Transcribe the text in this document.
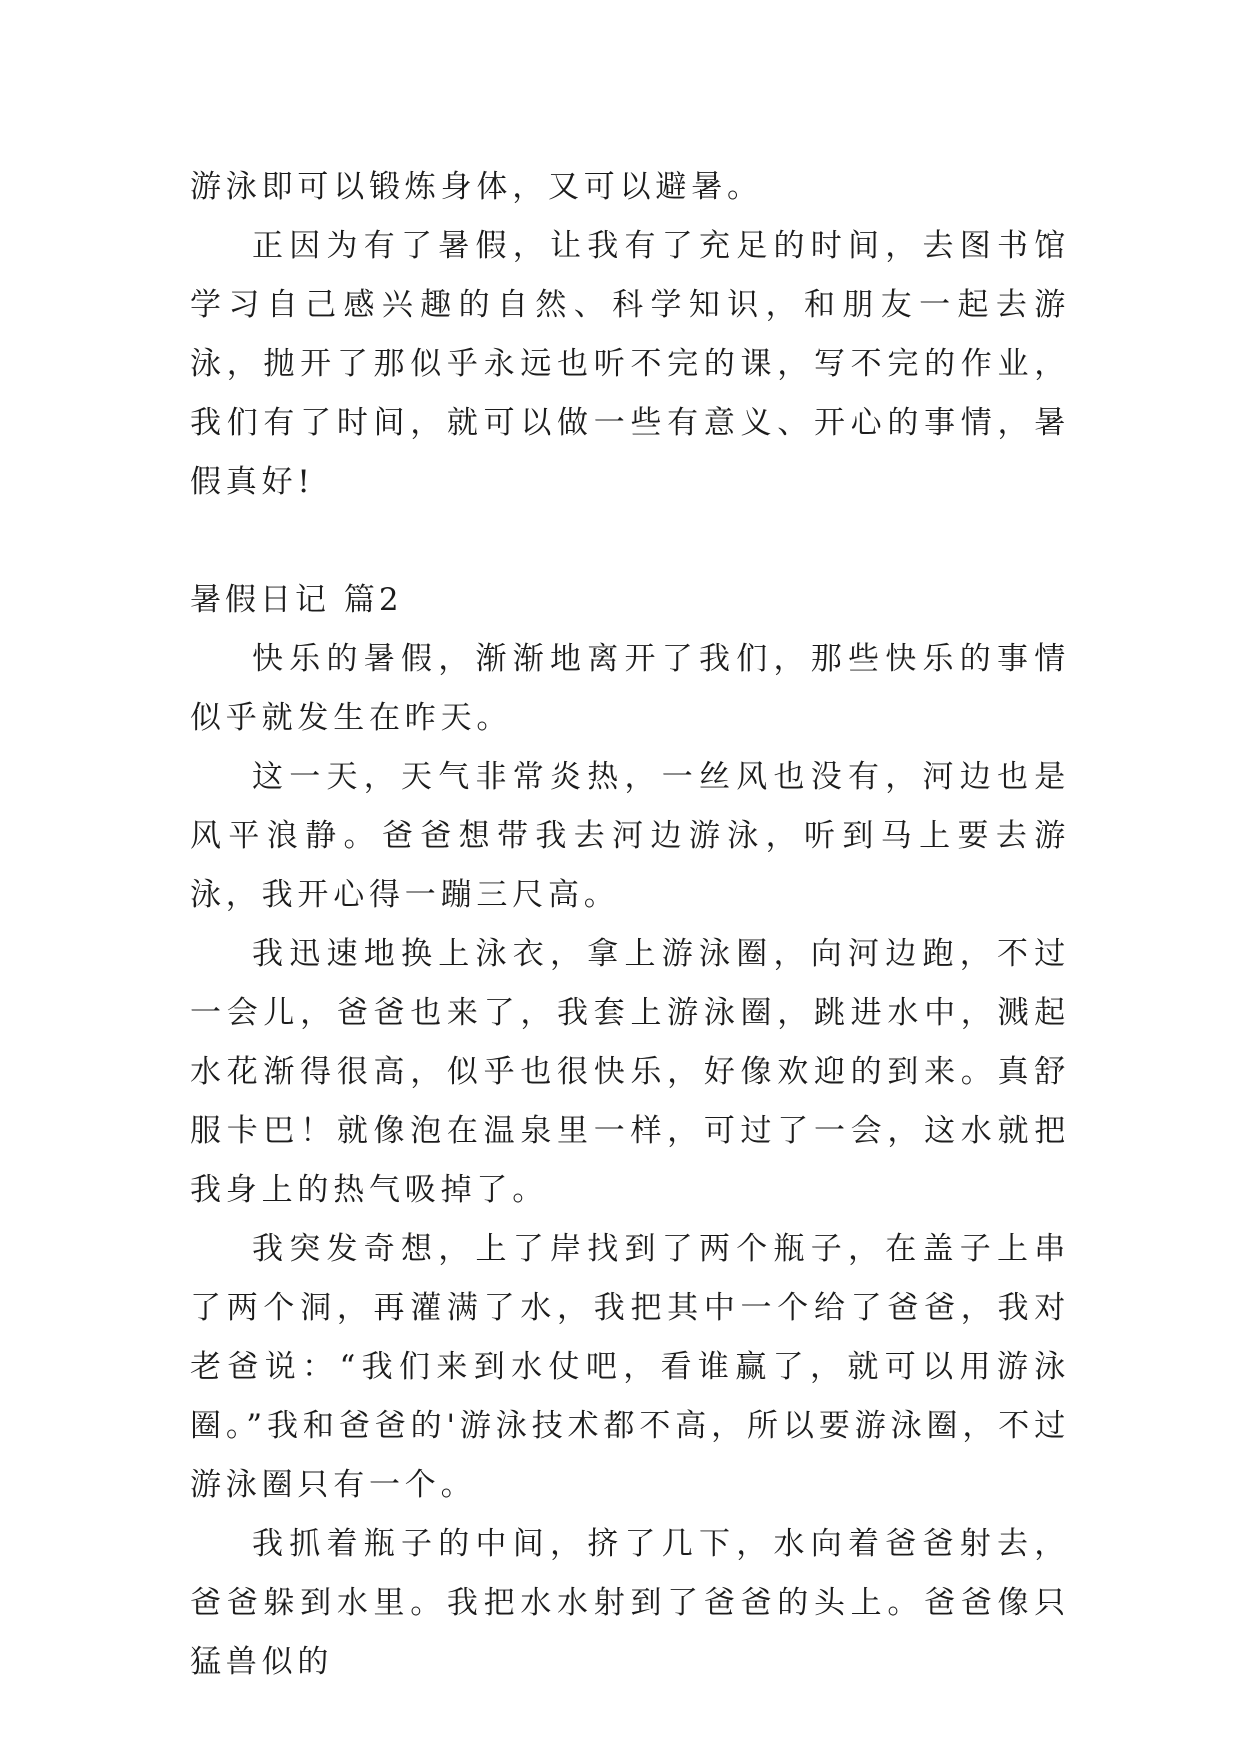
游泳即可以锻炼身体，又可以避暑。

正因为有了暑假，让我有了充足的时间，去图书馆学习自己感兴趣的自然、科学知识，和朋友一起去游泳，抛开了那似乎永远也听不完的课，写不完的作业，我们有了时间，就可以做一些有意义、开心的事情，暑假真好!

暑假日记 篇2

快乐的暑假，渐渐地离开了我们，那些快乐的事情似乎就发生在昨天。

这一天，天气非常炎热，一丝风也没有，河边也是风平浪静。爸爸想带我去河边游泳，听到马上要去游泳，我开心得一蹦三尺高。

我迅速地换上泳衣，拿上游泳圈，向河边跑，不过一会儿，爸爸也来了，我套上游泳圈，跳进水中，溅起水花渐得很高，似乎也很快乐，好像欢迎的到来。真舒服卡巴！就像泡在温泉里一样，可过了一会，这水就把我身上的热气吸掉了。

我突发奇想，上了岸找到了两个瓶子，在盖子上串了两个洞，再灌满了水，我把其中一个给了爸爸，我对老爸说：“我们来到水仗吧，看谁赢了，就可以用游泳圈。”我和爸爸的'游泳技术都不高，所以要游泳圈，不过游泳圈只有一个。

我抓着瓶子的中间，挤了几下，水向着爸爸射去，爸爸躲到水里。我把水水射到了爸爸的头上。爸爸像只猛兽似的
